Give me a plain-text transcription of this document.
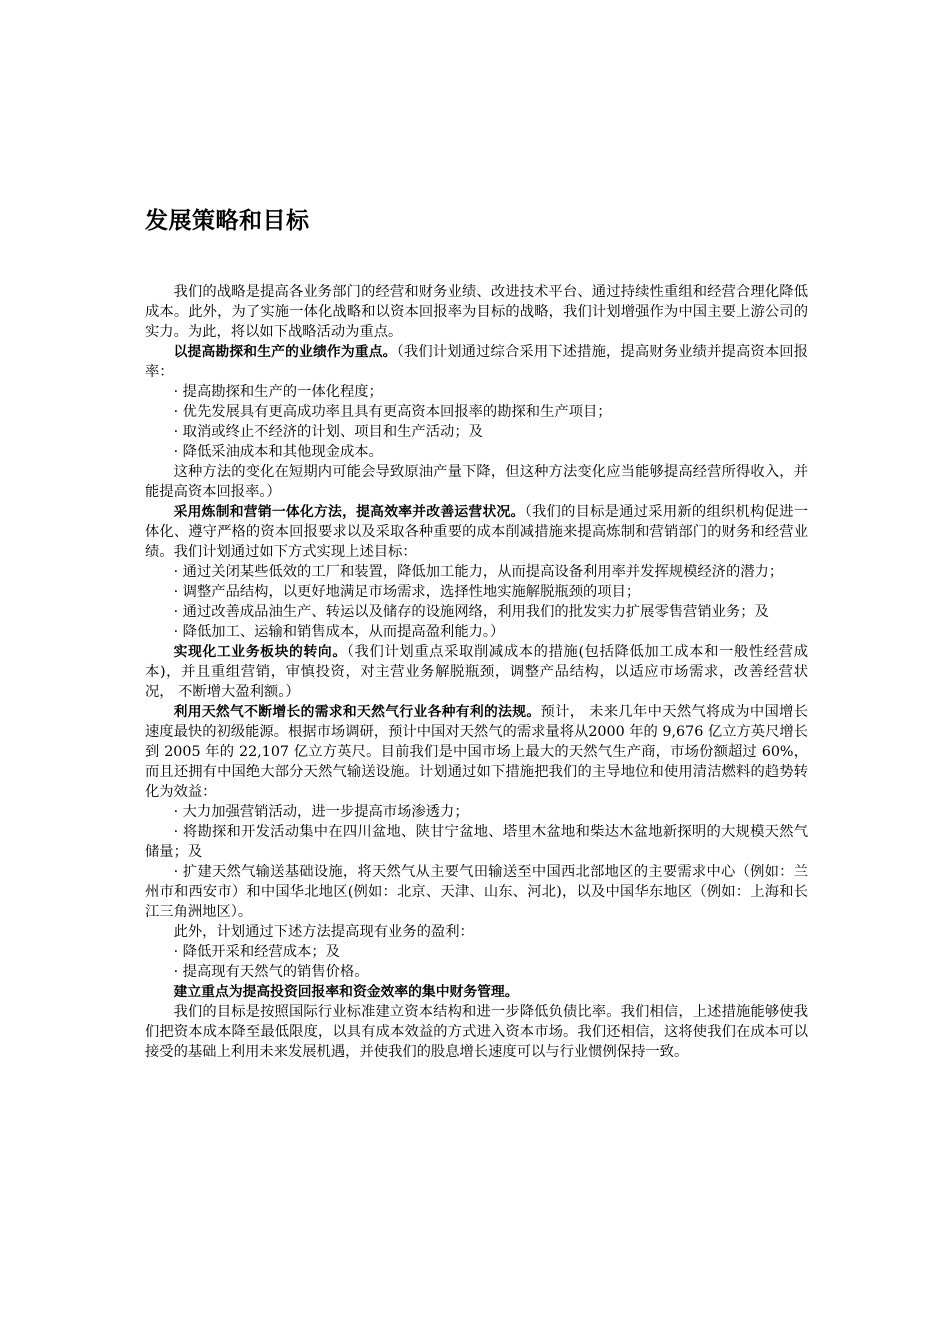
发展策略和目标

我们的战略是提高各业务部门的经营和财务业绩、改进技术平台、通过持续性重组和经营合理化降低成本。此外，为了实施一体化战略和以资本回报率为目标的战略，我们计划增强作为中国主要上游公司的实力。为此，将以如下战略活动为重点。

以提高勘探和生产的业绩作为重点。（我们计划通过综合采用下述措施，提高财务业绩并提高资本回报率：

· 提高勘探和生产的一体化程度；

· 优先发展具有更高成功率且具有更高资本回报率的勘探和生产项目；

· 取消或终止不经济的计划、项目和生产活动；及

· 降低采油成本和其他现金成本。

这种方法的变化在短期内可能会导致原油产量下降，但这种方法变化应当能够提高经营所得收入，并能提高资本回报率。）

采用炼制和营销一体化方法，提高效率并改善运营状况。（我们的目标是通过采用新的组织机构促进一体化、遵守严格的资本回报要求以及采取各种重要的成本削减措施来提高炼制和营销部门的财务和经营业绩。我们计划通过如下方式实现上述目标：

· 通过关闭某些低效的工厂和装置，降低加工能力，从而提高设备利用率并发挥规模经济的潜力；

· 调整产品结构，以更好地满足市场需求，选择性地实施解脱瓶颈的项目；

· 通过改善成品油生产、转运以及储存的设施网络，利用我们的批发实力扩展零售营销业务；及

· 降低加工、运输和销售成本，从而提高盈利能力。）

实现化工业务板块的转向。（我们计划重点采取削减成本的措施(包括降低加工成本和一般性经营成本)，并且重组营销，审慎投资，对主营业务解脱瓶颈，调整产品结构，以适应市场需求，改善经营状况， 不断增大盈利额。）

利用天然气不断增长的需求和天然气行业各种有利的法规。预计， 未来几年中天然气将成为中国增长速度最快的初级能源。根据市场调研，预计中国对天然气的需求量将从2000 年的 9,676 亿立方英尺增长到 2005 年的 22,107 亿立方英尺。目前我们是中国市场上最大的天然气生产商，市场份额超过 60%，而且还拥有中国绝大部分天然气输送设施。计划通过如下措施把我们的主导地位和使用清洁燃料的趋势转化为效益：

· 大力加强营销活动，进一步提高市场渗透力；

· 将勘探和开发活动集中在四川盆地、陕甘宁盆地、塔里木盆地和柴达木盆地新探明的大规模天然气储量；及

· 扩建天然气输送基础设施，将天然气从主要气田输送至中国西北部地区的主要需求中心（例如：兰州市和西安市）和中国华北地区(例如：北京、天津、山东、河北)，以及中国华东地区（例如：上海和长江三角洲地区）。

此外，计划通过下述方法提高现有业务的盈利：

· 降低开采和经营成本；及

· 提高现有天然气的销售价格。

建立重点为提高投资回报率和资金效率的集中财务管理。

我们的目标是按照国际行业标准建立资本结构和进一步降低负债比率。我们相信，上述措施能够使我们把资本成本降至最低限度，以具有成本效益的方式进入资本市场。我们还相信，这将使我们在成本可以接受的基础上利用未来发展机遇，并使我们的股息增长速度可以与行业惯例保持一致。
